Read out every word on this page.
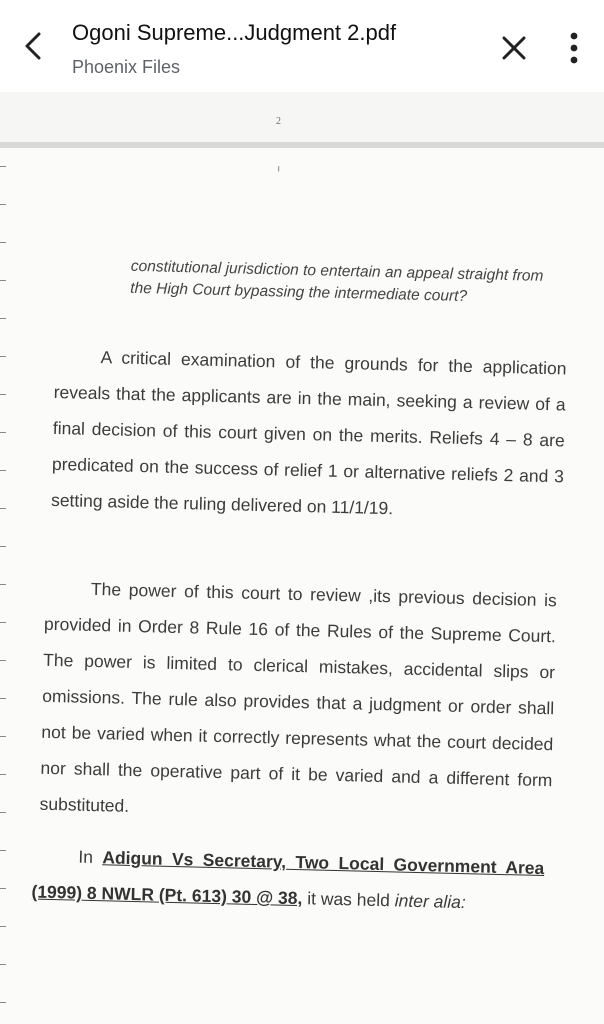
Ogoni Supreme...Judgment 2.pdf
Phoenix Files
2
ı
constitutional jurisdiction to entertain an appeal straight from the High Court bypassing the intermediate court?
A critical examination of the grounds for the application reveals that the applicants are in the main, seeking a review of a final decision of this court given on the merits. Reliefs 4 – 8 are predicated on the success of relief 1 or alternative reliefs 2 and 3 setting aside the ruling delivered on 11/1/19.
The power of this court to review ,its previous decision is provided in Order 8 Rule 16 of the Rules of the Supreme Court. The power is limited to clerical mistakes, accidental slips or omissions. The rule also provides that a judgment or order shall not be varied when it correctly represents what the court decided nor shall the operative part of it be varied and a different form substituted.
In Adigun Vs Secretary, Two Local Government Area (1999) 8 NWLR (Pt. 613) 30 @ 38, it was held inter alia:
